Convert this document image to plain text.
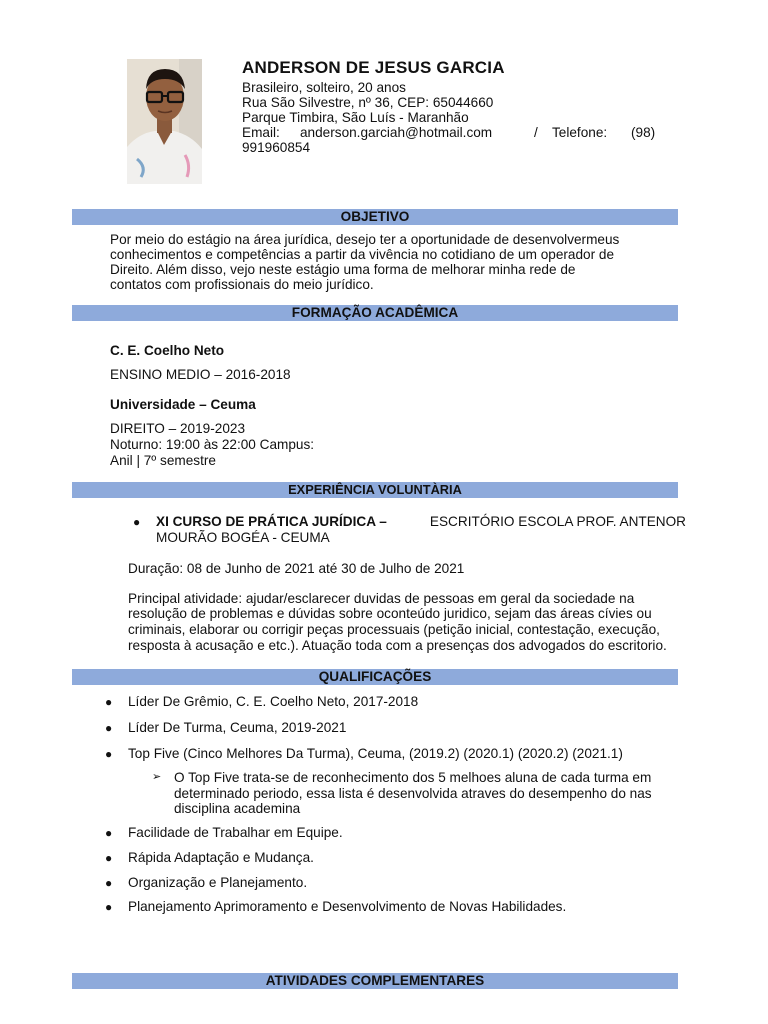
ANDERSON DE JESUS GARCIA
Brasileiro, solteiro, 20 anos
Rua São Silvestre, nº 36, CEP: 65044660
Parque Timbira, São Luís - Maranhão
Email: anderson.garciah@hotmail.com	/ Telefone: (98)
991960854
OBJETIVO
Por meio do estágio na área jurídica, desejo ter a oportunidade de desenvolvermeus
conhecimentos e competências a partir da vivência no cotidiano de um operador de
Direito. Além disso, vejo neste estágio uma forma de melhorar minha rede de
contatos com profissionais do meio jurídico.
FORMAÇÃO ACADÊMICA
C. E. Coelho Neto
ENSINO MEDIO – 2016-2018
Universidade – Ceuma
DIREITO – 2019-2023
Noturno: 19:00 às 22:00 Campus:
Anil | 7º semestre
EXPERIÊNCIA VOLUNTÀRIA
● XI CURSO DE PRÁTICA JURÍDICA –	ESCRITÓRIO ESCOLA PROF. ANTENOR
MOURÃO BOGÉA - CEUMA
Duração: 08 de Junho de 2021 até 30 de Julho de 2021
Principal atividade: ajudar/esclarecer duvidas de pessoas em geral da sociedade na
resolução de problemas e dúvidas sobre oconteúdo juridico, sejam das áreas cívies ou
criminais, elaborar ou corrigir peças processuais (petição inicial, contestação, execução,
resposta à acusação e etc.). Atuação toda com a presenças dos advogados do escritorio.
QUALIFICAÇÕES
● Líder De Grêmio, C. E. Coelho Neto, 2017-2018
● Líder De Turma, Ceuma, 2019-2021
● Top Five (Cinco Melhores Da Turma), Ceuma, (2019.2) (2020.1) (2020.2) (2021.1)
➢ O Top Five trata-se de reconhecimento dos 5 melhoes aluna de cada turma em
determinado periodo, essa lista é desenvolvida atraves do desempenho do nas
disciplina academina
● Facilidade de Trabalhar em Equipe.
● Rápida Adaptação e Mudança.
● Organização e Planejamento.
● Planejamento Aprimoramento e Desenvolvimento de Novas Habilidades.
ATIVIDADES COMPLEMENTARES
